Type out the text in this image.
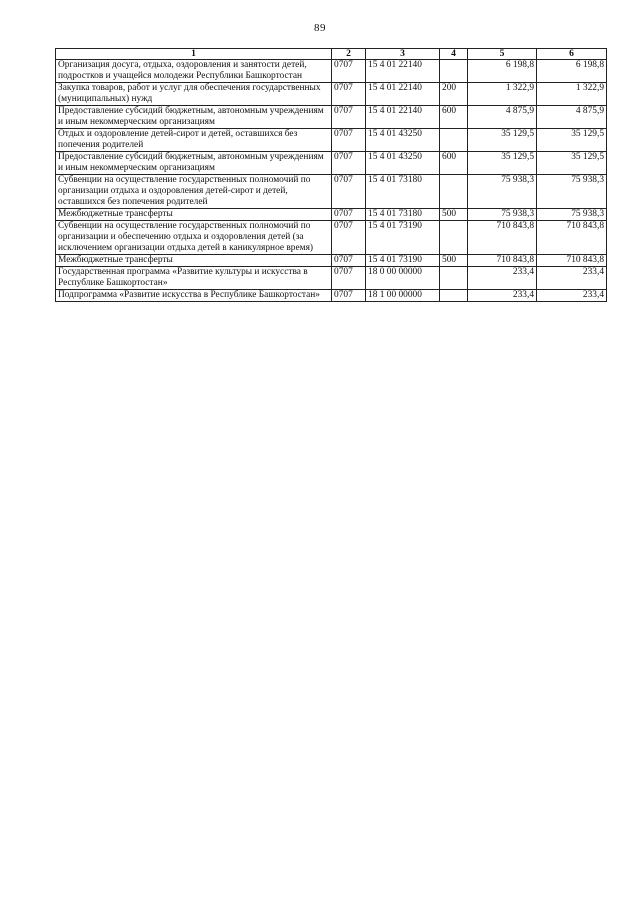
89
1	2	3	4	5	6
Организация досуга, отдыха, оздоровления и занятости детей, подростков и учащейся молодежи Республики Башкортостан	0707	15 4 01 22140		6 198,8	6 198,8
Закупка товаров, работ и услуг для обеспечения государственных (муниципальных) нужд	0707	15 4 01 22140	200	1 322,9	1 322,9
Предоставление субсидий бюджетным, автономным учреждениям и иным некоммерческим организациям	0707	15 4 01 22140	600	4 875,9	4 875,9
Отдых и оздоровление детей-сирот и детей, оставшихся без попечения родителей	0707	15 4 01 43250		35 129,5	35 129,5
Предоставление субсидий бюджетным, автономным учреждениям и иным некоммерческим организациям	0707	15 4 01 43250	600	35 129,5	35 129,5
Субвенции на осуществление государственных полномочий по организации отдыха и оздоровления детей-сирот и детей, оставшихся без попечения родителей	0707	15 4 01 73180		75 938,3	75 938,3
Межбюджетные трансферты	0707	15 4 01 73180	500	75 938,3	75 938,3
Субвенции на осуществление государственных полномочий по организации и обеспечению отдыха и оздоровления детей (за исключением организации отдыха детей в каникулярное время)	0707	15 4 01 73190		710 843,8	710 843,8
Межбюджетные трансферты	0707	15 4 01 73190	500	710 843,8	710 843,8
Государственная программа «Развитие культуры и искусства в Республике Башкортостан»	0707	18 0 00 00000		233,4	233,4
Подпрограмма «Развитие искусства в Республике Башкортостан»	0707	18 1 00 00000		233,4	233,4
